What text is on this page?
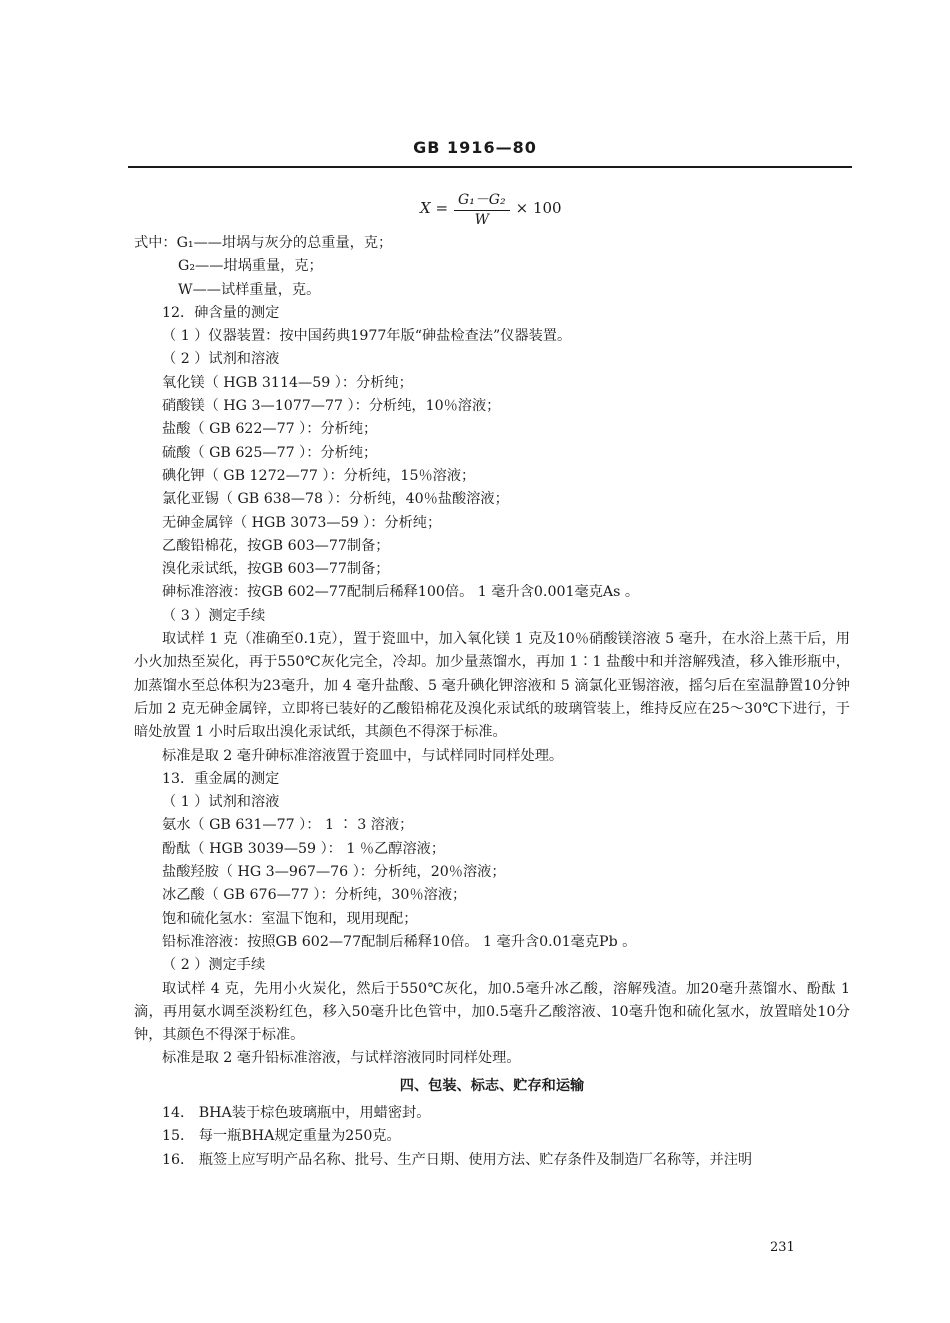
GB 1916—80
$X = \frac{\text{G₁－G₂}}{W} \times 100$

式中：G₁——坩埚与灰分的总重量，克；

G₂——坩埚重量，克；

W——试样重量，克。

12．砷含量的测定

（ 1 ）仪器装置：按中国药典1977年版“砷盐检查法”仪器装置。

（ 2 ）试剂和溶液

氧化镁（ HGB 3114—59 ）：分析纯；

硝酸镁（ HG 3—1077—77 ）：分析纯，10％溶液；

盐酸（ GB 622—77 ）：分析纯；

硫酸（ GB 625—77 ）：分析纯；

碘化钾（ GB 1272—77 ）：分析纯，15％溶液；

氯化亚锡（ GB 638—78 ）：分析纯，40％盐酸溶液；

无砷金属锌（ HGB 3073—59 ）：分析纯；

乙酸铅棉花，按GB 603—77制备；

溴化汞试纸，按GB 603—77制备；

砷标准溶液：按GB 602—77配制后稀释100倍。 1 毫升含0.001毫克As 。

（ 3 ）测定手续

取试样 1 克（准确至0.1克），置于瓷皿中，加入氧化镁 1 克及10％硝酸镁溶液 5 毫升，在水浴上蒸干后，用小火加热至炭化，再于550℃灰化完全，冷却。加少量蒸馏水，再加 1∶1 盐酸中和并溶解残渣，移入锥形瓶中，加蒸馏水至总体积为23毫升，加 4 毫升盐酸、5 毫升碘化钾溶液和 5 滴氯化亚锡溶液，摇匀后在室温静置10分钟后加 2 克无砷金属锌，立即将已装好的乙酸铅棉花及溴化汞试纸的玻璃管装上，维持反应在25～30℃下进行，于暗处放置 1 小时后取出溴化汞试纸，其颜色不得深于标准。

标准是取 2 毫升砷标准溶液置于瓷皿中，与试样同时同样处理。

13．重金属的测定

（ 1 ）试剂和溶液

氨水（ GB 631—77 ）： 1 ∶ 3 溶液；

酚酞（ HGB 3039—59 ）： 1 ％乙醇溶液；

盐酸羟胺（ HG 3—967—76 ）：分析纯，20％溶液；

冰乙酸（ GB 676—77 ）：分析纯，30％溶液；

饱和硫化氢水：室温下饱和，现用现配；

铅标准溶液：按照GB 602—77配制后稀释10倍。 1 毫升含0.01毫克Pb 。

（ 2 ）测定手续

取试样 4 克，先用小火炭化，然后于550℃灰化，加0.5毫升冰乙酸，溶解残渣。加20毫升蒸馏水、酚酞 1 滴，再用氨水调至淡粉红色，移入50毫升比色管中，加0.5毫升乙酸溶液、10毫升饱和硫化氢水，放置暗处10分钟，其颜色不得深于标准。

标准是取 2 毫升铅标准溶液，与试样溶液同时同样处理。

四、包装、标志、贮存和运输

14． BHA装于棕色玻璃瓶中，用蜡密封。

15． 每一瓶BHA规定重量为250克。

16． 瓶签上应写明产品名称、批号、生产日期、使用方法、贮存条件及制造厂名称等，并注明

231
